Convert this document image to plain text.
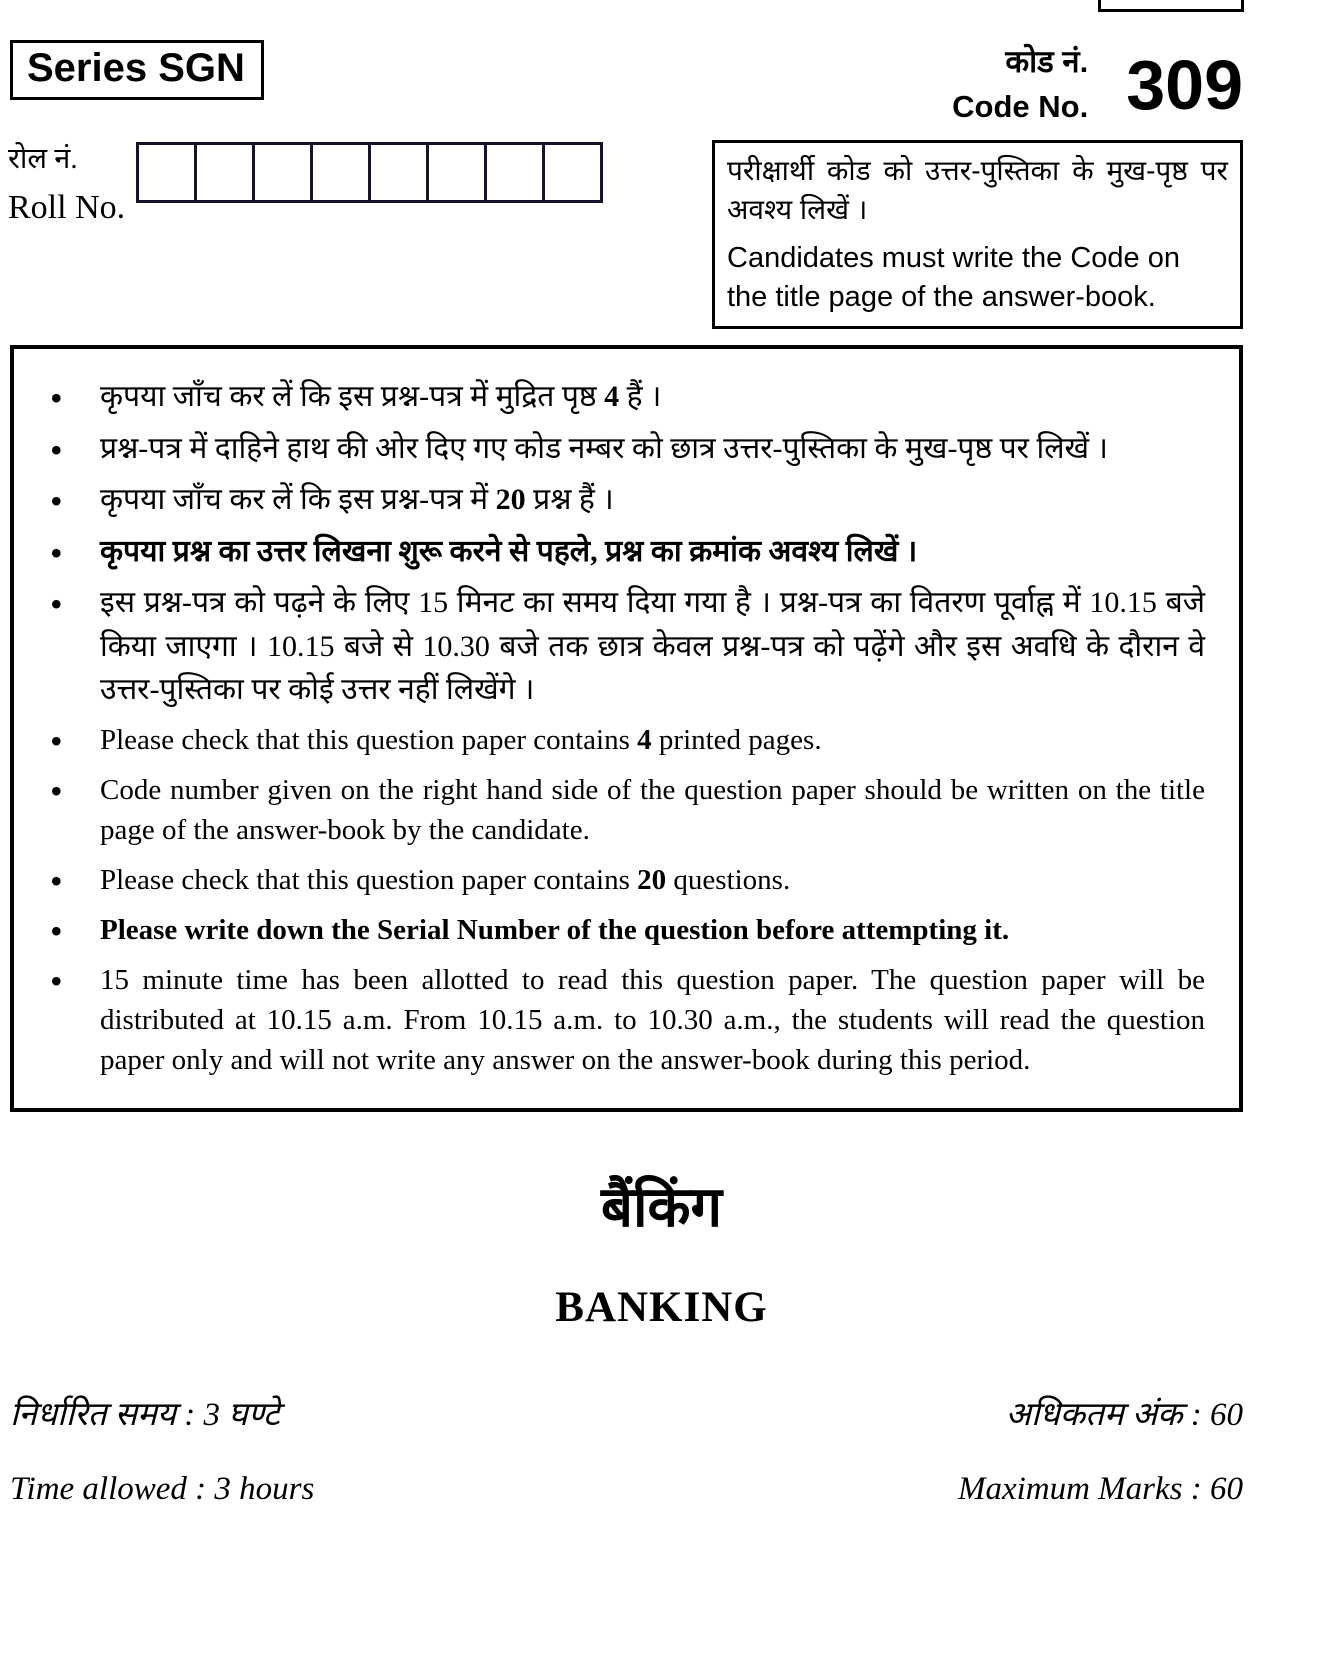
Series SGN	कोड नं.
Code No. 309
रोल नं.
Roll No.

परीक्षार्थी कोड को उत्तर-पुस्तिका के मुख-पृष्ठ पर अवश्य लिखें ।

Candidates must write the Code on the title page of the answer-book.

• कृपया जाँच कर लें कि इस प्रश्न-पत्र में मुद्रित पृष्ठ 4 हैं ।
• प्रश्न-पत्र में दाहिने हाथ की ओर दिए गए कोड नम्बर को छात्र उत्तर-पुस्तिका के मुख-पृष्ठ पर लिखें ।
• कृपया जाँच कर लें कि इस प्रश्न-पत्र में 20 प्रश्न हैं ।
• कृपया प्रश्न का उत्तर लिखना शुरू करने से पहले, प्रश्न का क्रमांक अवश्य लिखें ।
• इस प्रश्न-पत्र को पढ़ने के लिए 15 मिनट का समय दिया गया है । प्रश्न-पत्र का वितरण पूर्वाह्न में 10.15 बजे किया जाएगा । 10.15 बजे से 10.30 बजे तक छात्र केवल प्रश्न-पत्र को पढ़ेंगे और इस अवधि के दौरान वे उत्तर-पुस्तिका पर कोई उत्तर नहीं लिखेंगे ।
• Please check that this question paper contains 4 printed pages.
• Code number given on the right hand side of the question paper should be written on the title page of the answer-book by the candidate.
• Please check that this question paper contains 20 questions.
• Please write down the Serial Number of the question before attempting it.
• 15 minute time has been allotted to read this question paper. The question paper will be distributed at 10.15 a.m. From 10.15 a.m. to 10.30 a.m., the students will read the question paper only and will not write any answer on the answer-book during this period.
बैंकिंग
BANKING
निर्धारित समय : 3 घण्टे	अधिकतम अंक : 60
Time allowed : 3 hours	Maximum Marks : 60
